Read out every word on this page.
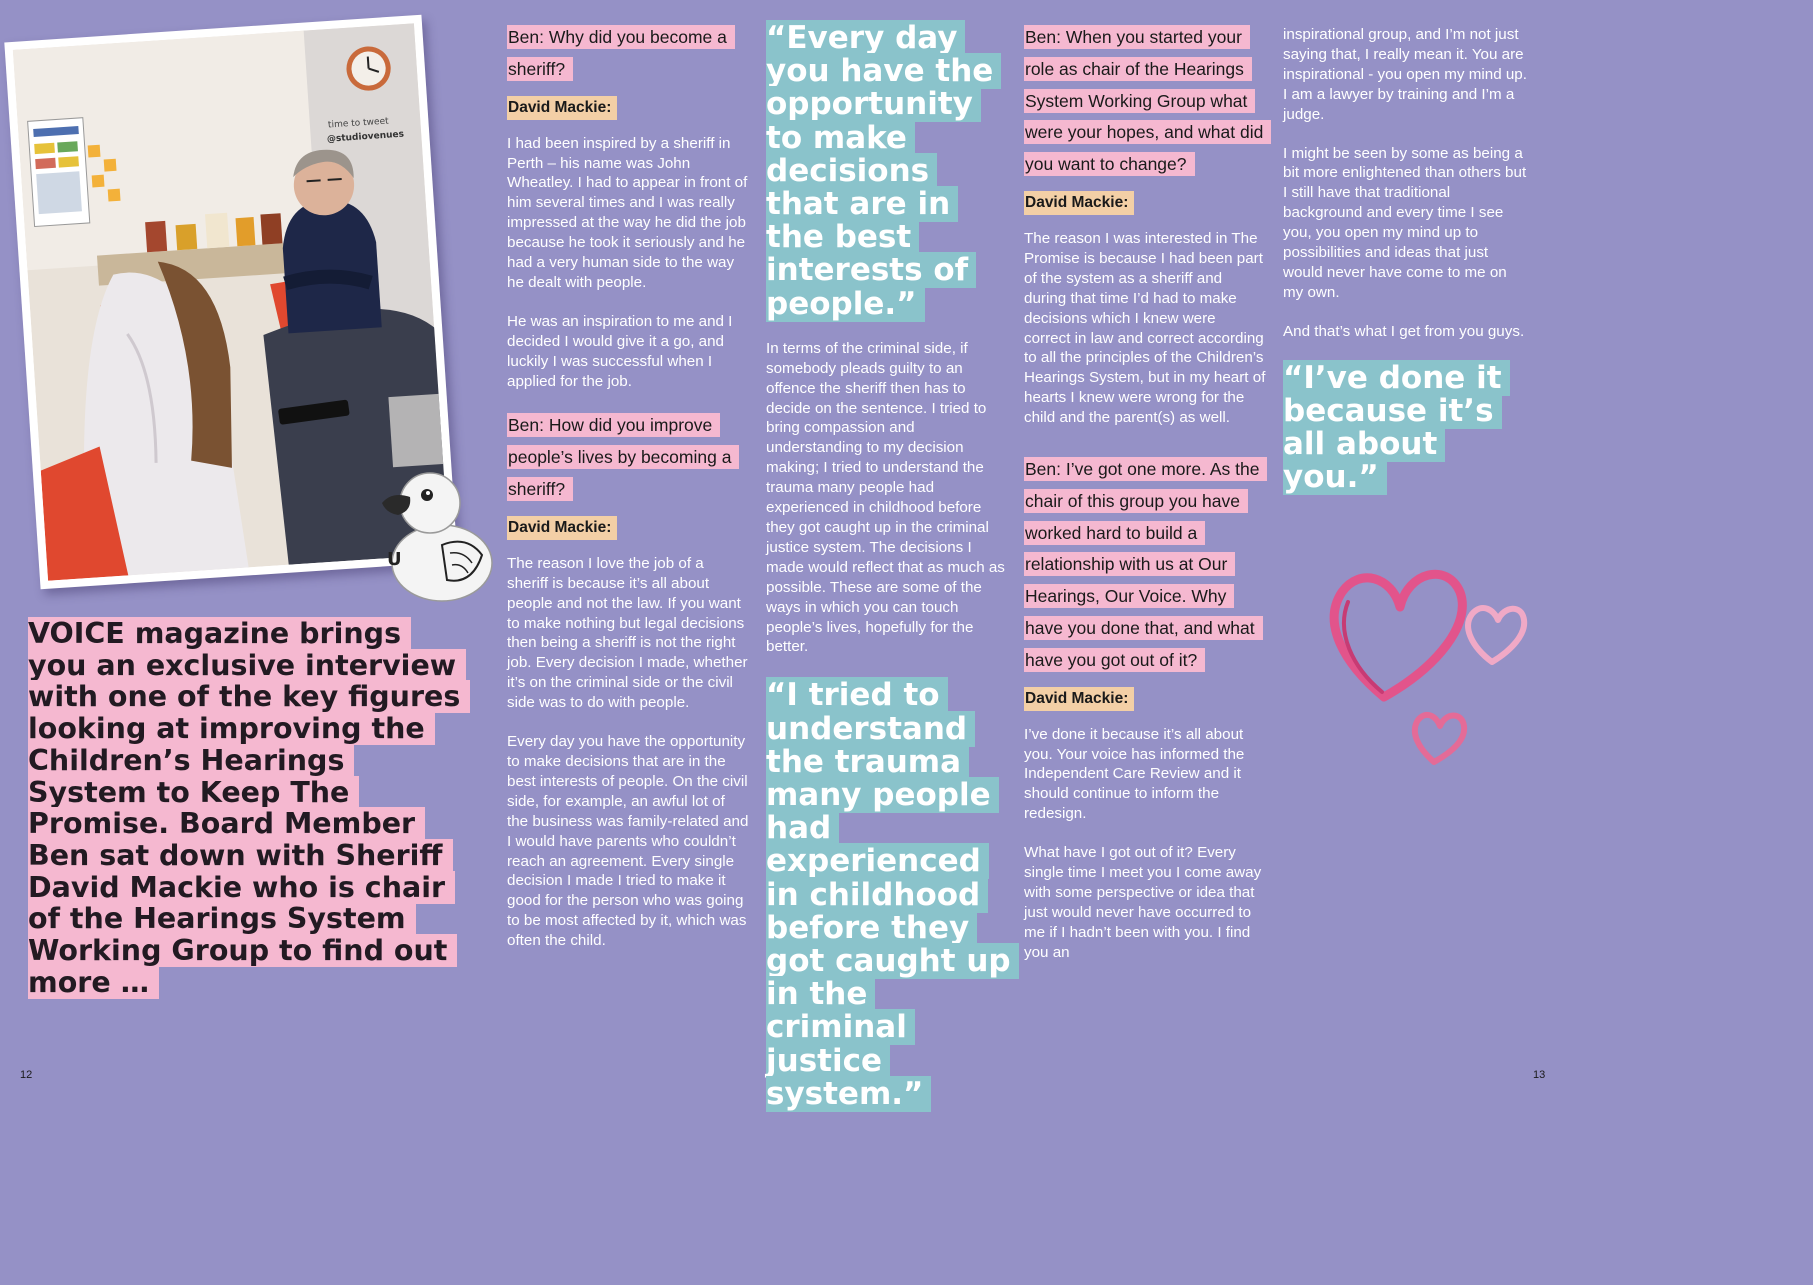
time to tweet
@studiovenues
U

VOICE magazine brings you an exclusive interview with one of the key figures looking at improving the Children’s Hearings System to Keep The Promise. Board Member Ben sat down with Sheriff David Mackie who is chair of the Hearings System Working Group to find out more …

Ben: Why did you become a sheriff?

David Mackie:

I had been inspired by a sheriff in Perth – his name was John Wheatley. I had to appear in front of him several times and I was really impressed at the way he did the job because he took it seriously and he had a very human side to the way he dealt with people.

He was an inspiration to me and I decided I would give it a go, and luckily I was successful when I applied for the job.

Ben: How did you improve people’s lives by becoming a sheriff?

David Mackie:

The reason I love the job of a sheriff is because it’s all about people and not the law. If you want to make nothing but legal decisions then being a sheriff is not the right job. Every decision I made, whether it’s on the criminal side or the civil side was to do with people.

Every day you have the opportunity to make decisions that are in the best interests of people. On the civil side, for example, an awful lot of the business was family-related and I would have parents who couldn’t reach an agreement. Every single decision I made I tried to make it good for the person who was going to be most affected by it, which was often the child.

“Every day you have the opportunity to make decisions that are in the best interests of people.”

In terms of the criminal side, if somebody pleads guilty to an offence the sheriff then has to decide on the sentence. I tried to bring compassion and understanding to my decision making; I tried to understand the trauma many people had experienced in childhood before they got caught up in the criminal justice system. The decisions I made would reflect that as much as possible. These are some of the ways in which you can touch people’s lives, hopefully for the better.

“I tried to understand the trauma many people had experienced in childhood before they got caught up in the criminal justice system.”

Ben: When you started your role as chair of the Hearings System Working Group what were your hopes, and what did you want to change?

David Mackie:

The reason I was interested in The Promise is because I had been part of the system as a sheriff and during that time I’d had to make decisions which I knew were correct in law and correct according to all the principles of the Children’s Hearings System, but in my heart of hearts I knew were wrong for the child and the parent(s) as well.

Ben: I’ve got one more. As the chair of this group you have worked hard to build a relationship with us at Our Hearings, Our Voice. Why have you done that, and what have you got out of it?

David Mackie:

I’ve done it because it’s all about you. Your voice has informed the Independent Care Review and it should continue to inform the redesign.

What have I got out of it? Every single time I meet you I come away with some perspective or idea that just would never have occurred to me if I hadn’t been with you. I find you an

inspirational group, and I’m not just saying that, I really mean it. You are inspirational - you open my mind up. I am a lawyer by training and I’m a judge.

I might be seen by some as being a bit more enlightened than others but I still have that traditional background and every time I see you, you open my mind up to possibilities and ideas that just would never have come to me on my own.

And that’s what I get from you guys.

“I’ve done it because it’s all about you.”

12	13
